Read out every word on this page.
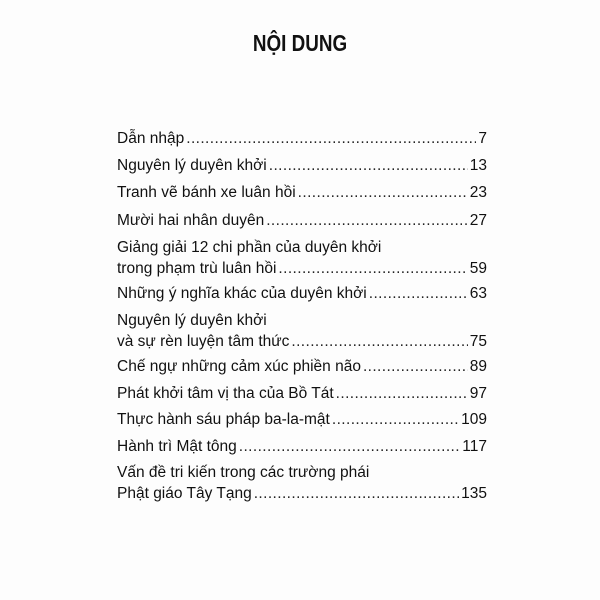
NỘI DUNG
Dẫn nhập .....	7
Nguyên lý duyên khởi .....	13
Tranh vẽ bánh xe luân hồi .....	23
Mười hai nhân duyên .....	27
Giảng giải 12 chi phần của duyên khởi
trong phạm trù luân hồi .....	59
Những ý nghĩa khác của duyên khởi .....	63
Nguyên lý duyên khởi
và sự rèn luyện tâm thức .....	75
Chế ngự những cảm xúc phiền não .....	89
Phát khởi tâm vị tha của Bồ Tát .....	97
Thực hành sáu pháp ba-la-mật .....	109
Hành trì Mật tông .....	117
Vấn đề tri kiến trong các trường phái
Phật giáo Tây Tạng .....	135
